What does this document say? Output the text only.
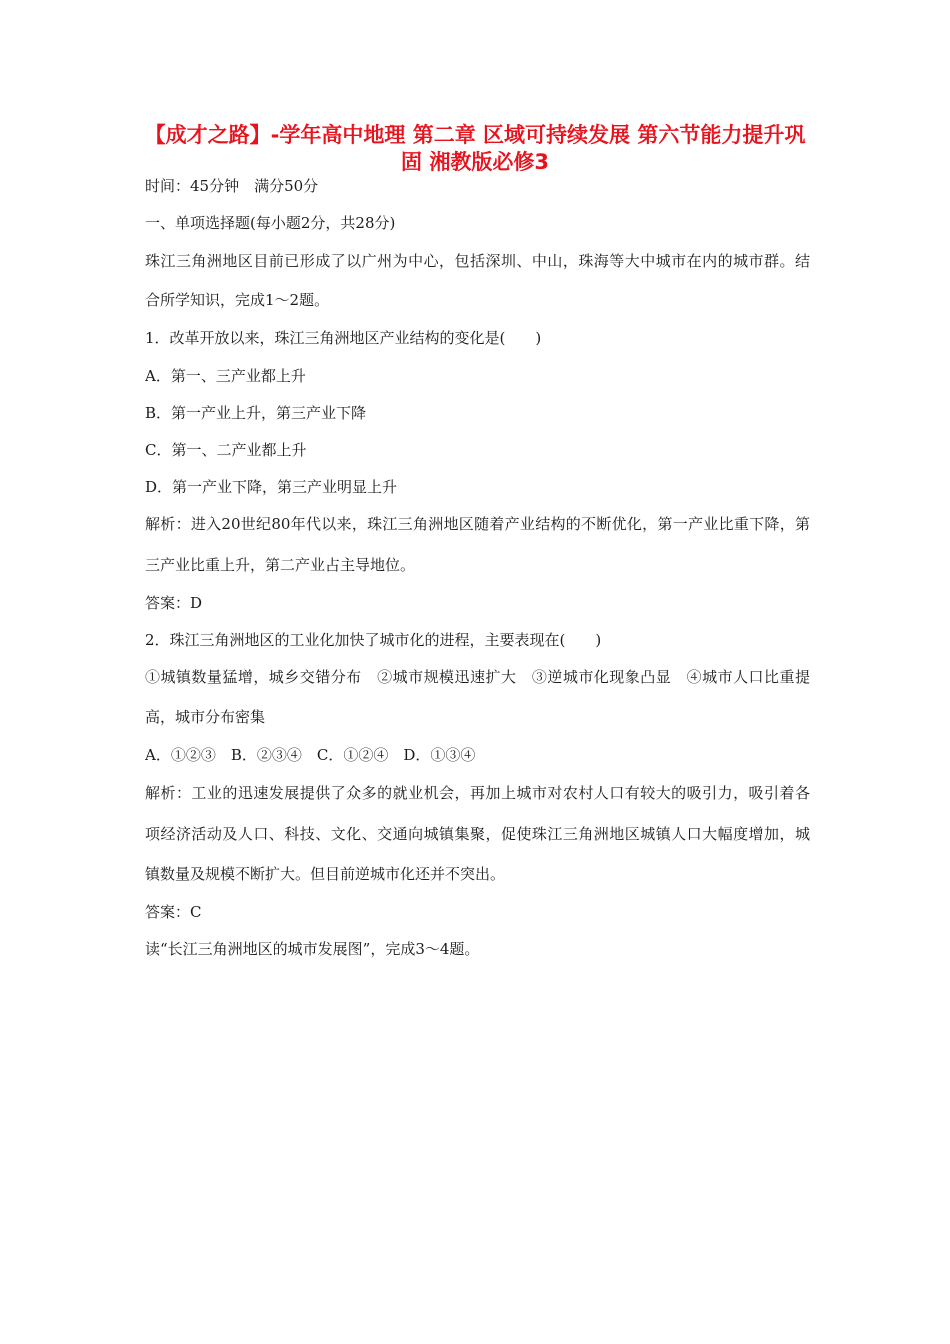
【成才之路】-学年高中地理 第二章 区域可持续发展 第六节能力提升巩
固 湘教版必修3
时间：45分钟　满分50分
一、单项选择题(每小题2分，共28分)
珠江三角洲地区目前已形成了以广州为中心，包括深圳、中山，珠海等大中城市在内的城市群。结
合所学知识，完成1～2题。
1．改革开放以来，珠江三角洲地区产业结构的变化是(　　)
A．第一、三产业都上升
B．第一产业上升，第三产业下降
C．第一、二产业都上升
D．第一产业下降，第三产业明显上升
解析：进入20世纪80年代以来，珠江三角洲地区随着产业结构的不断优化，第一产业比重下降，第
三产业比重上升，第二产业占主导地位。
答案：D
2．珠江三角洲地区的工业化加快了城市化的进程，主要表现在(　　)
①城镇数量猛增，城乡交错分布　②城市规模迅速扩大　③逆城市化现象凸显　④城市人口比重提
高，城市分布密集
A．①②③　B．②③④　C．①②④　D．①③④
解析：工业的迅速发展提供了众多的就业机会，再加上城市对农村人口有较大的吸引力，吸引着各
项经济活动及人口、科技、文化、交通向城镇集聚，促使珠江三角洲地区城镇人口大幅度增加，城
镇数量及规模不断扩大。但目前逆城市化还并不突出。
答案：C
读“长江三角洲地区的城市发展图”，完成3～4题。
